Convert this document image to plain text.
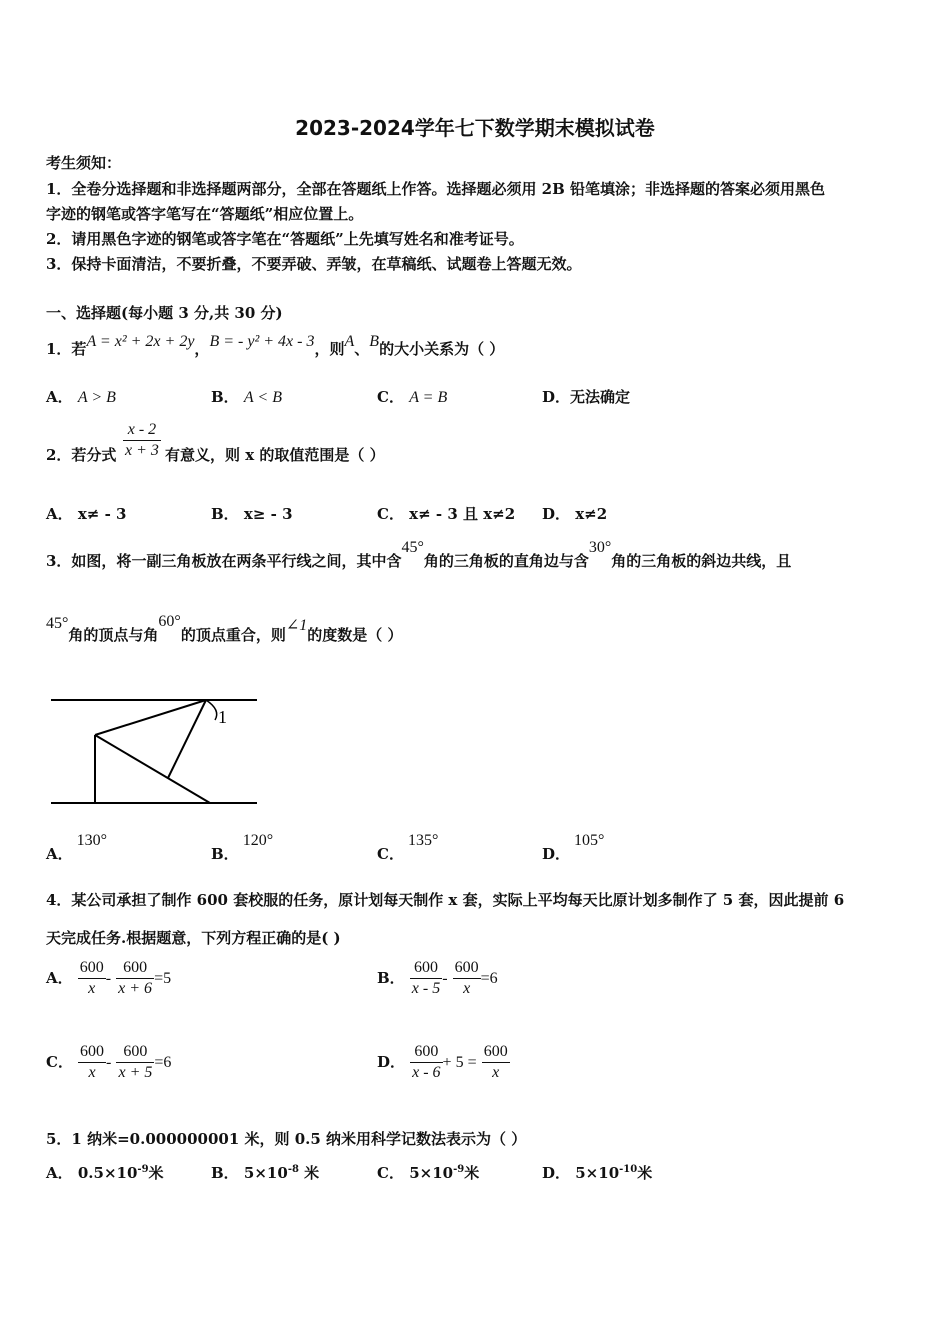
2023-2024学年七下数学期末模拟试卷
考生须知：
1．全卷分选择题和非选择题两部分，全部在答题纸上作答。选择题必须用 2B 铅笔填涂；非选择题的答案必须用黑色
字迹的钢笔或答字笔写在“答题纸”相应位置上。
2．请用黑色字迹的钢笔或答字笔在“答题纸”上先填写姓名和准考证号。
3．保持卡面清洁，不要折叠，不要弄破、弄皱，在草稿纸、试题卷上答题无效。
一、选择题(每小题 3 分,共 30 分)
1．若A = x² + 2x + 2y，B = - y² + 4x - 3，则A、B的大小关系为（ ）
A． A > B	B． A < B	C． A = B	D．无法确定
2．若分式 $\frac{x - 2}{x + 3}$ 有意义，则 x 的取值范围是（ ）
A． x≠ - 3	B． x≥ - 3	C． x≠ - 3 且 x≠2 D． x≠2
3．如图，将一副三角板放在两条平行线之间，其中含45°角的三角板的直角边与含30°角的三角板的斜边共线，且
45°角的顶点与角60°的顶点重合，则∠1的度数是（ ）
1
A．130°
B．120°
C．135°
D．105°
4．某公司承担了制作 600 套校服的任务，原计划每天制作 x 套，实际上平均每天比原计划多制作了 5 套，因此提前 6
天完成任务.根据题意，下列方程正确的是( )
A． $\frac{600}{x} - \frac{600}{x + 6} =5$	B． $\frac{600}{x - 5} - \frac{600}{x} =6$
C． $\frac{600}{x} - \frac{600}{x + 5} =6$	D． $\frac{600}{x - 6} + 5 = \frac{600}{x}$
5．1 纳米=0.000000001 米，则 0.5 纳米用科学记数法表示为（ ）
A． $0.5\times 10^{-9}$米	B． $5\times 10^{-8}$ 米	C． $5\times 10^{-9}$米	D． $5\times 10^{-10}$米
